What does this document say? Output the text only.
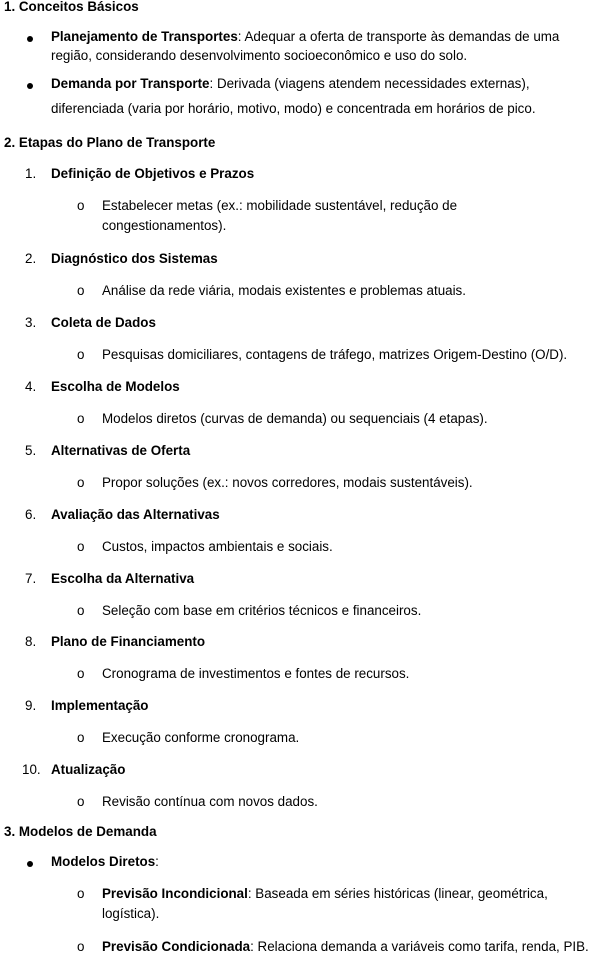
1. Conceitos Básicos
Planejamento de Transportes: Adequar a oferta de transporte às demandas de uma
região, considerando desenvolvimento socioeconômico e uso do solo.
Demanda por Transporte: Derivada (viagens atendem necessidades externas),
diferenciada (varia por horário, motivo, modo) e concentrada em horários de pico.
2. Etapas do Plano de Transporte
1. Definição de Objetivos e Prazos
o Estabelecer metas (ex.: mobilidade sustentável, redução de
congestionamentos).
2. Diagnóstico dos Sistemas
o Análise da rede viária, modais existentes e problemas atuais.
3. Coleta de Dados
o Pesquisas domiciliares, contagens de tráfego, matrizes Origem-Destino (O/D).
4. Escolha de Modelos
o Modelos diretos (curvas de demanda) ou sequenciais (4 etapas).
5. Alternativas de Oferta
o Propor soluções (ex.: novos corredores, modais sustentáveis).
6. Avaliação das Alternativas
o Custos, impactos ambientais e sociais.
7. Escolha da Alternativa
o Seleção com base em critérios técnicos e financeiros.
8. Plano de Financiamento
o Cronograma de investimentos e fontes de recursos.
9. Implementação
o Execução conforme cronograma.
10. Atualização
o Revisão contínua com novos dados.
3. Modelos de Demanda
Modelos Diretos:
o Previsão Incondicional: Baseada em séries históricas (linear, geométrica,
logística).
o Previsão Condicionada: Relaciona demanda a variáveis como tarifa, renda, PIB.
